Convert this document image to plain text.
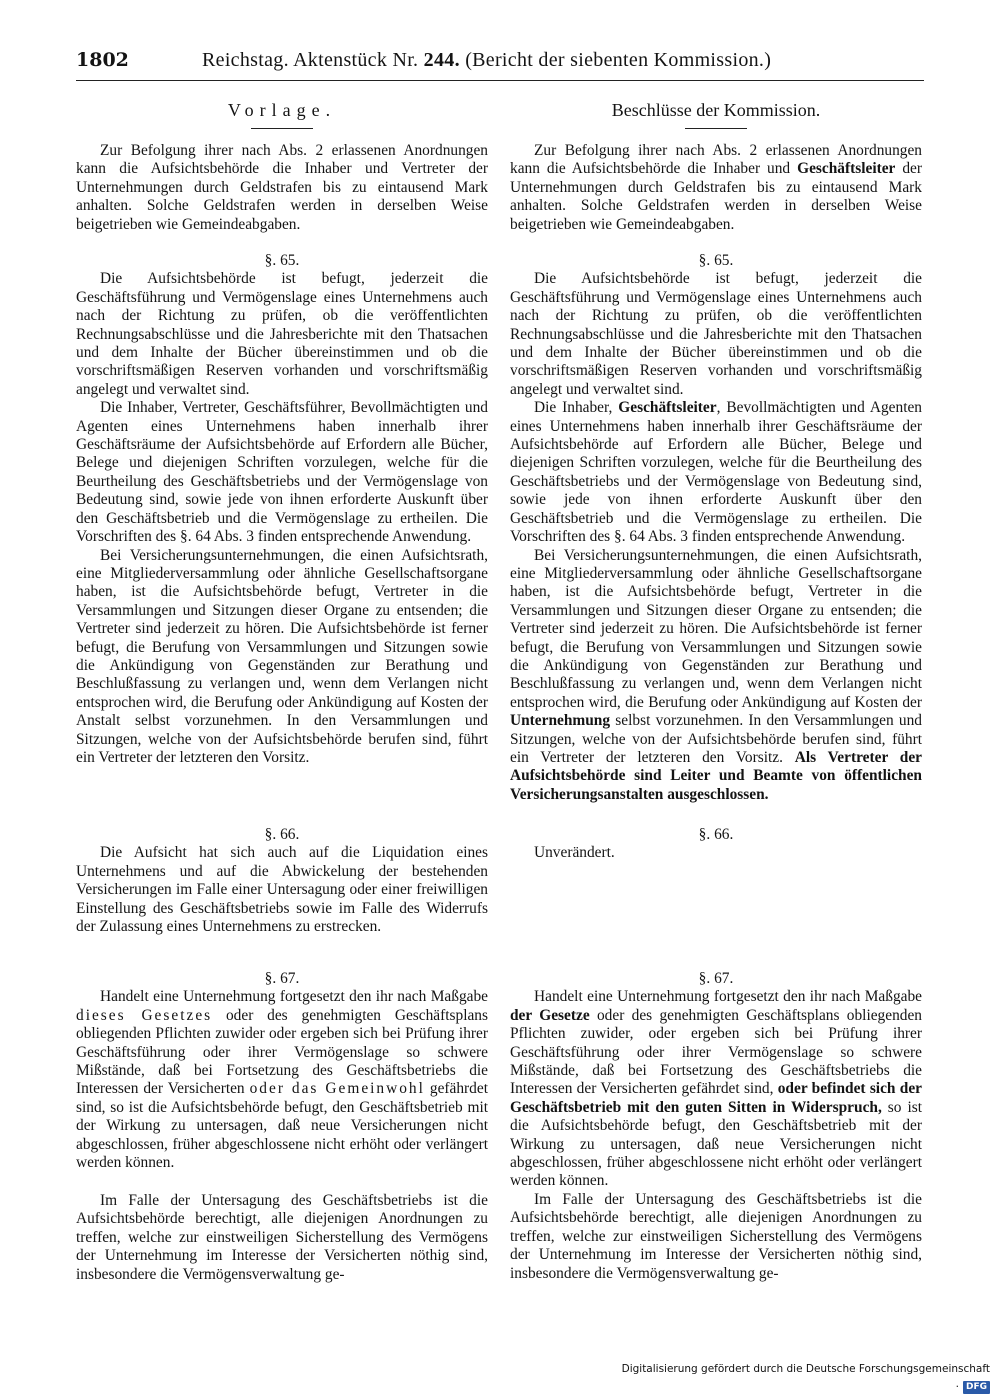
1802	Reichstag. Aktenstück Nr. 244. (Bericht der siebenten Kommission.)
Vorlage.

Zur Befolgung ihrer nach Abs. 2 erlassenen Anordnungen kann die Aufsichtsbehörde die Inhaber und Vertreter der Unternehmungen durch Geldstrafen bis zu eintausend Mark anhalten. Solche Geldstrafen werden in derselben Weise beigetrieben wie Gemeindeabgaben.

§. 65.

Die Aufsichtsbehörde ist befugt, jederzeit die Geschäftsführung und Vermögenslage eines Unternehmens auch nach der Richtung zu prüfen, ob die veröffentlichten Rechnungsabschlüsse und die Jahresberichte mit den Thatsachen und dem Inhalte der Bücher übereinstimmen und ob die vorschriftsmäßigen Reserven vorhanden und vorschriftsmäßig angelegt und verwaltet sind.

Die Inhaber, Vertreter, Geschäftsführer, Bevollmächtigten und Agenten eines Unternehmens haben innerhalb ihrer Geschäftsräume der Aufsichtsbehörde auf Erfordern alle Bücher, Belege und diejenigen Schriften vorzulegen, welche für die Beurtheilung des Geschäftsbetriebs und der Vermögenslage von Bedeutung sind, sowie jede von ihnen erforderte Auskunft über den Geschäftsbetrieb und die Vermögenslage zu ertheilen. Die Vorschriften des §. 64 Abs. 3 finden entsprechende Anwendung.

Bei Versicherungsunternehmungen, die einen Aufsichtsrath, eine Mitgliederversammlung oder ähnliche Gesellschaftsorgane haben, ist die Aufsichtsbehörde befugt, Vertreter in die Versammlungen und Sitzungen dieser Organe zu entsenden; die Vertreter sind jederzeit zu hören. Die Aufsichtsbehörde ist ferner befugt, die Berufung von Versammlungen und Sitzungen sowie die Ankündigung von Gegenständen zur Berathung und Beschlußfassung zu verlangen und, wenn dem Verlangen nicht entsprochen wird, die Berufung oder Ankündigung auf Kosten der Anstalt selbst vorzunehmen. In den Versammlungen und Sitzungen, welche von der Aufsichtsbehörde berufen sind, führt ein Vertreter der letzteren den Vorsitz.

§. 66.

Die Aufsicht hat sich auch auf die Liquidation eines Unternehmens und auf die Abwickelung der bestehenden Versicherungen im Falle einer Untersagung oder einer freiwilligen Einstellung des Geschäftsbetriebs sowie im Falle des Widerrufs der Zulassung eines Unternehmens zu erstrecken.

§. 67.

Handelt eine Unternehmung fortgesetzt den ihr nach Maßgabe dieses Gesetzes oder des genehmigten Geschäftsplans obliegenden Pflichten zuwider oder ergeben sich bei Prüfung ihrer Geschäftsführung oder ihrer Vermögenslage so schwere Mißstände, daß bei Fortsetzung des Geschäftsbetriebs die Interessen der Versicherten oder das Gemeinwohl gefährdet sind, so ist die Aufsichtsbehörde befugt, den Geschäftsbetrieb mit der Wirkung zu untersagen, daß neue Versicherungen nicht abgeschlossen, früher abgeschlossene nicht erhöht oder verlängert werden können.

Im Falle der Untersagung des Geschäftsbetriebs ist die Aufsichtsbehörde berechtigt, alle diejenigen Anordnungen zu treffen, welche zur einstweiligen Sicherstellung des Vermögens der Unternehmung im Interesse der Versicherten nöthig sind, insbesondere die Vermögensverwaltung ge-

Beschlüsse der Kommission.

Zur Befolgung ihrer nach Abs. 2 erlassenen Anordnungen kann die Aufsichtsbehörde die Inhaber und Geschäftsleiter der Unternehmungen durch Geldstrafen bis zu eintausend Mark anhalten. Solche Geldstrafen werden in derselben Weise beigetrieben wie Gemeindeabgaben.

§. 65.

Die Aufsichtsbehörde ist befugt, jederzeit die Geschäftsführung und Vermögenslage eines Unternehmens auch nach der Richtung zu prüfen, ob die veröffentlichten Rechnungsabschlüsse und die Jahresberichte mit den Thatsachen und dem Inhalte der Bücher übereinstimmen und ob die vorschriftsmäßigen Reserven vorhanden und vorschriftsmäßig angelegt und verwaltet sind.

Die Inhaber, Geschäftsleiter, Bevollmächtigten und Agenten eines Unternehmens haben innerhalb ihrer Geschäftsräume der Aufsichtsbehörde auf Erfordern alle Bücher, Belege und diejenigen Schriften vorzulegen, welche für die Beurtheilung des Geschäftsbetriebs und der Vermögenslage von Bedeutung sind, sowie jede von ihnen erforderte Auskunft über den Geschäftsbetrieb und die Vermögenslage zu ertheilen. Die Vorschriften des §. 64 Abs. 3 finden entsprechende Anwendung.

Bei Versicherungsunternehmungen, die einen Aufsichtsrath, eine Mitgliederversammlung oder ähnliche Gesellschaftsorgane haben, ist die Aufsichtsbehörde befugt, Vertreter in die Versammlungen und Sitzungen dieser Organe zu entsenden; die Vertreter sind jederzeit zu hören. Die Aufsichtsbehörde ist ferner befugt, die Berufung von Versammlungen und Sitzungen sowie die Ankündigung von Gegenständen zur Berathung und Beschlußfassung zu verlangen und, wenn dem Verlangen nicht entsprochen wird, die Berufung oder Ankündigung auf Kosten der Unternehmung selbst vorzunehmen. In den Versammlungen und Sitzungen, welche von der Aufsichtsbehörde berufen sind, führt ein Vertreter der letzteren den Vorsitz. Als Vertreter der Aufsichtsbehörde sind Leiter und Beamte von öffentlichen Versicherungsanstalten ausgeschlossen.

§. 66.

Unverändert.

§. 67.

Handelt eine Unternehmung fortgesetzt den ihr nach Maßgabe der Gesetze oder des genehmigten Geschäftsplans obliegenden Pflichten zuwider, oder ergeben sich bei Prüfung ihrer Geschäftsführung oder ihrer Vermögenslage so schwere Mißstände, daß bei Fortsetzung des Geschäftsbetriebs die Interessen der Versicherten gefährdet sind, oder befindet sich der Geschäftsbetrieb mit den guten Sitten in Widerspruch, so ist die Aufsichtsbehörde befugt, den Geschäftsbetrieb mit der Wirkung zu untersagen, daß neue Versicherungen nicht abgeschlossen, früher abgeschlossene nicht erhöht oder verlängert werden können.

Im Falle der Untersagung des Geschäftsbetriebs ist die Aufsichtsbehörde berechtigt, alle diejenigen Anordnungen zu treffen, welche zur einstweiligen Sicherstellung des Vermögens der Unternehmung im Interesse der Versicherten nöthig sind, insbesondere die Vermögensverwaltung ge-

Digitalisierung gefördert durch die Deutsche Forschungsgemeinschaft · DFG
